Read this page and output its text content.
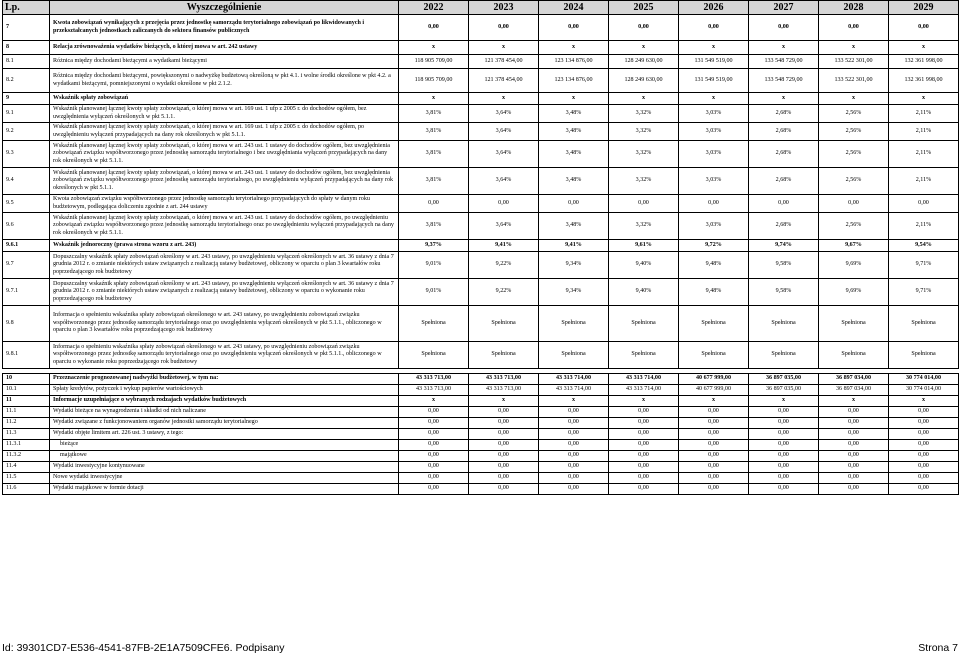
Lp.	Wyszczególnienie	2022	2023	2024	2025	2026	2027	2028	2029
7	Kwota zobowiązań wynikających z przejęcia przez jednostkę samorządu terytorialnego zobowiązań po likwidowanych i przekształcanych jednostkach zaliczanych do sektora finansów publicznych	0,00	0,00	0,00	0,00	0,00	0,00	0,00	0,00
8	Relacja zrównoważenia wydatków bieżących, o której mowa w art. 242 ustawy	x	x	x	x	x	x	x	x
8.1	Różnica między dochodami bieżącymi a wydatkami bieżącymi	118 905 709,00	121 378 454,00	123 134 876,00	128 249 630,00	131 549 519,00	133 548 729,00	133 522 301,00	132 361 998,00
8.2	Różnica między dochodami bieżącymi, powiększonymi o nadwyżkę budżetową określoną w pkt 4.1. i wolne środki określone w pkt 4.2. a wydatkami bieżącymi, pomniejszonymi o wydatki określone w pkt 2.1.2.	118 905 709,00	121 378 454,00	123 134 876,00	128 249 630,00	131 549 519,00	133 548 729,00	133 522 301,00	132 361 998,00
9	Wskaźnik spłaty zobowiązań	x	x	x	x	x	x	x	x
9.1	Wskaźnik planowanej łącznej kwoty spłaty zobowiązań, o której mowa w art. 169 ust. 1 ufp z 2005 r. do dochodów ogółem, bez uwzględnienia wyłączeń określonych w pkt 5.1.1.	3,81%	3,64%	3,48%	3,32%	3,03%	2,68%	2,56%	2,11%
9.2	Wskaźnik planowanej łącznej kwoty spłaty zobowiązań, o której mowa w art. 169 ust. 1 ufp z 2005 r. do dochodów ogółem, po uwzględnieniu wyłączeń przypadających na dany rok określonych w pkt 5.1.1.	3,81%	3,64%	3,48%	3,32%	3,03%	2,68%	2,56%	2,11%
9.3	Wskaźnik planowanej łącznej kwoty spłaty zobowiązań, o której mowa w art. 243 ust. 1 ustawy do dochodów ogółem, bez uwzględnienia zobowiązań związku współtworzonego przez jednostkę samorządu terytorialnego i bez uwzględniania wyłączeń przypadających na dany rok określonych w pkt 5.1.1.	3,81%	3,64%	3,48%	3,32%	3,03%	2,68%	2,56%	2,11%
9.4	Wskaźnik planowanej łącznej kwoty spłaty zobowiązań, o której mowa w art. 243 ust. 1 ustawy do dochodów ogółem, bez uwzględnienia zobowiązań związku współtworzonego przez jednostkę samorządu terytorialnego, po uwzględnieniu wyłączeń przypadających na dany rok określonych w pkt 5.1.1.	3,81%	3,64%	3,48%	3,32%	3,03%	2,68%	2,56%	2,11%
9.5	Kwota zobowiązań związku współtworzonego przez jednostkę samorządu terytorialnego przypadających do spłaty w danym roku budżetowym, podlegająca doliczeniu zgodnie z art. 244 ustawy	0,00	0,00	0,00	0,00	0,00	0,00	0,00	0,00
9.6	Wskaźnik planowanej łącznej kwoty spłaty zobowiązań, o której mowa w art. 243 ust. 1 ustawy do dochodów ogółem, po uwzględnieniu zobowiązań związku współtworzonego przez jednostkę samorządu terytorialnego oraz po uwzględnieniu wyłączeń przypadających na dany rok określonych w pkt 5.1.1.	3,81%	3,64%	3,48%	3,32%	3,03%	2,68%	2,56%	2,11%
9.6.1	Wskaźnik jednoroczny (prawa strona wzoru z art. 243)	9,37%	9,41%	9,41%	9,61%	9,72%	9,74%	9,67%	9,54%
9.7	Dopuszczalny wskaźnik spłaty zobowiązań określony w art. 243 ustawy, po uwzględnieniu wyłączeń określonych w art. 36 ustawy z dnia 7 grudnia 2012 r. o zmianie niektórych ustaw związanych z realizacją ustawy budżetowej, obliczony w oparciu o plan 3 kwartałów roku poprzedzającego rok budżetowy	9,01%	9,22%	9,34%	9,40%	9,48%	9,58%	9,69%	9,71%
9.7.1	Dopuszczalny wskaźnik spłaty zobowiązań określony w art. 243 ustawy, po uwzględnieniu wyłączeń określonych w art. 36 ustawy z dnia 7 grudnia 2012 r. o zmianie niektórych ustaw związanych z realizacją ustawy budżetowej, obliczony w oparciu o wykonanie roku poprzedzającego rok budżetowy	9,01%	9,22%	9,34%	9,40%	9,48%	9,58%	9,69%	9,71%
9.8	Informacja o spełnieniu wskaźnika spłaty zobowiązań określonego w art. 243 ustawy, po uwzględnieniu zobowiązań związku współtworzonego przez jednostkę samorządu terytorialnego oraz po uwzględnieniu wyłączeń określonych w pkt 5.1.1., obliczonego w oparciu o plan 3 kwartałów roku poprzedzającego rok budżetowy	Spełniona	Spełniona	Spełniona	Spełniona	Spełniona	Spełniona	Spełniona	Spełniona
9.8.1	Informacja o spełnieniu wskaźnika spłaty zobowiązań określonego w art. 243 ustawy, po uwzględnieniu zobowiązań związku współtworzonego przez jednostkę samorządu terytorialnego oraz po uwzględnieniu wyłączeń określonych w pkt 5.1.1., obliczonego w oparciu o wykonanie roku poprzedzającego rok budżetowy	Spełniona	Spełniona	Spełniona	Spełniona	Spełniona	Spełniona	Spełniona	Spełniona

10	Przeznaczenie prognozowanej nadwyżki budżetowej, w tym na:	43 313 713,00	43 313 713,00	43 313 714,00	43 313 714,00	40 677 999,00	36 897 035,00	36 897 034,00	30 774 014,00
10.1	Spłaty kredytów, pożyczek i wykup papierów wartościowych	43 313 713,00	43 313 713,00	43 313 714,00	43 313 714,00	40 677 999,00	36 897 035,00	36 897 034,00	30 774 014,00
11	Informacje uzupełniające o wybranych rodzajach wydatków budżetowych	x	x	x	x	x	x	x	x
11.1	Wydatki bieżące na wynagrodzenia i składki od nich naliczane	0,00	0,00	0,00	0,00	0,00	0,00	0,00	0,00
11.2	Wydatki związane z funkcjonowaniem organów jednostki samorządu terytorialnego	0,00	0,00	0,00	0,00	0,00	0,00	0,00	0,00
11.3	Wydatki objęte limitem art. 226 ust. 3 ustawy, z tego:	0,00	0,00	0,00	0,00	0,00	0,00	0,00	0,00
11.3.1	bieżące	0,00	0,00	0,00	0,00	0,00	0,00	0,00	0,00
11.3.2	majątkowe	0,00	0,00	0,00	0,00	0,00	0,00	0,00	0,00
11.4	Wydatki inwestycyjne kontynuowane	0,00	0,00	0,00	0,00	0,00	0,00	0,00	0,00
11.5	Nowe wydatki inwestycyjne	0,00	0,00	0,00	0,00	0,00	0,00	0,00	0,00
11.6	Wydatki majątkowe w formie dotacji	0,00	0,00	0,00	0,00	0,00	0,00	0,00	0,00
Id: 39301CD7-E536-4541-87FB-2E1A7509CFE6. Podpisany	Strona 7
